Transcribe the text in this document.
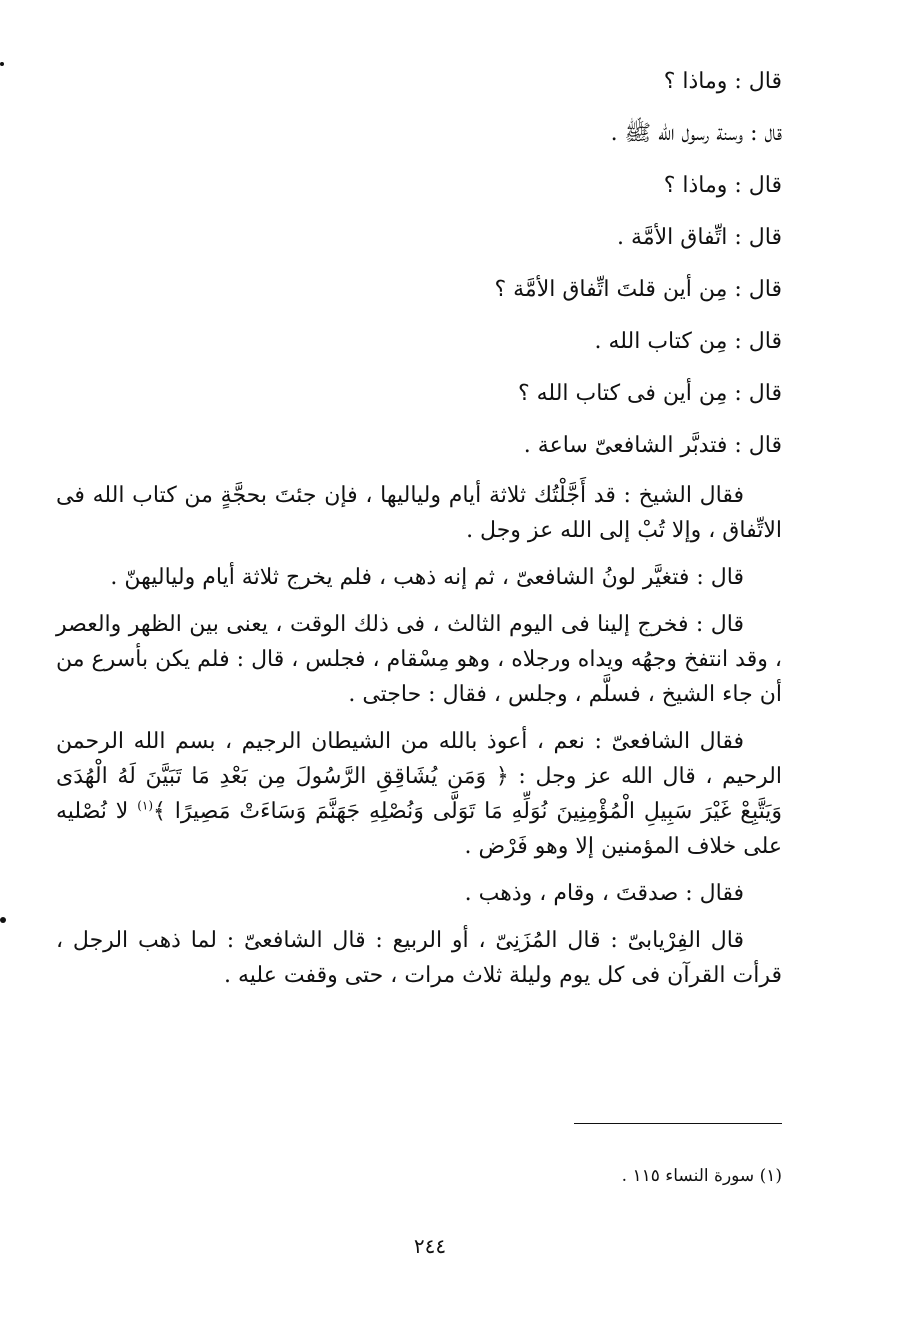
قال : وماذا ؟
قال : وسنة رسول الله ﷺ .
قال : وماذا ؟
قال : اتِّفاق الأمَّة .
قال : مِن أين قلتَ اتِّفاق الأمَّة ؟
قال : مِن كتاب الله .
قال : مِن أين فى كتاب الله ؟
قال : فتدبَّر الشافعىّ ساعة .

فقال الشيخ : قد أَجَّلْتُك ثلاثة أيام ولياليها ، فإن جئتَ بحجَّةٍ من كتاب الله فى الاتِّفاق ، وإلا تُبْ إلى الله عز وجل .

قال : فتغيَّر لونُ الشافعىّ ، ثم إنه ذهب ، فلم يخرج ثلاثة أيام ولياليهنّ .

قال : فخرج إلينا فى اليوم الثالث ، فى ذلك الوقت ، يعنى بين الظهر والعصر ، وقد انتفخ وجهُه ويداه ورجلاه ، وهو مِسْقام ، فجلس ، قال : فلم يكن بأسرع من أن جاء الشيخ ، فسلَّم ، وجلس ، فقال : حاجتى .

فقال الشافعىّ : نعم ، أعوذ بالله من الشيطان الرجيم ، بسم الله الرحمن الرحيم ، قال الله عز وجل : ﴿ وَمَن يُشَاقِقِ الرَّسُولَ مِن بَعْدِ مَا تَبَيَّنَ لَهُ الْهُدَى وَيَتَّبِعْ غَيْرَ سَبِيلِ الْمُؤْمِنِينَ نُوَلِّهِ مَا تَوَلَّى وَنُصْلِهِ جَهَنَّمَ وَسَاءَتْ مَصِيرًا ﴾$^{(١)}$ لا نُصْليه على خلاف المؤمنين إلا وهو فَرْض .

فقال : صدقتَ ، وقام ، وذهب .

قال الفِرْيابىّ : قال المُزَنِىّ ، أو الربيع : قال الشافعىّ : لما ذهب الرجل ، قرأت القرآن فى كل يوم وليلة ثلاث مرات ، حتى وقفت عليه .

(١) سورة النساء ١١٥ .
٢٤٤
